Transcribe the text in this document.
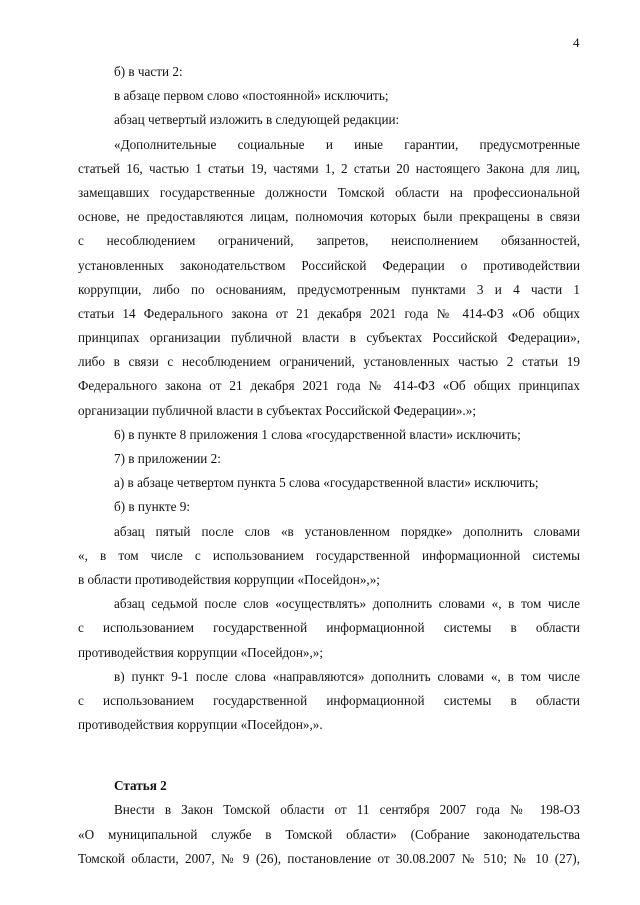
4
б) в части 2:
в абзаце первом слово «постоянной» исключить;
абзац четвертый изложить в следующей редакции:
«Дополнительные социальные и иные гарантии, предусмотренные
статьей 16, частью 1 статьи 19, частями 1, 2 статьи 20 настоящего Закона для лиц,
замещавших государственные должности Томской области на профессиональной
основе, не предоставляются лицам, полномочия которых были прекращены в связи
с несоблюдением ограничений, запретов, неисполнением обязанностей,
установленных законодательством Российской Федерации о противодействии
коррупции, либо по основаниям, предусмотренным пунктами 3 и 4 части 1
статьи 14 Федерального закона от 21 декабря 2021 года № 414-ФЗ «Об общих
принципах организации публичной власти в субъектах Российской Федерации»,
либо в связи с несоблюдением ограничений, установленных частью 2 статьи 19
Федерального закона от 21 декабря 2021 года № 414-ФЗ «Об общих принципах
организации публичной власти в субъектах Российской Федерации».»;
6) в пункте 8 приложения 1 слова «государственной власти» исключить;
7) в приложении 2:
а) в абзаце четвертом пункта 5 слова «государственной власти» исключить;
б) в пункте 9:
абзац пятый после слов «в установленном порядке» дополнить словами
«, в том числе с использованием государственной информационной системы
в области противодействия коррупции «Посейдон»,»;
абзац седьмой после слов «осуществлять» дополнить словами «, в том числе
с использованием государственной информационной системы в области
противодействия коррупции «Посейдон»,»;
в) пункт 9-1 после слова «направляются» дополнить словами «, в том числе
с использованием государственной информационной системы в области
противодействия коррупции «Посейдон»,».
Статья 2
Внести в Закон Томской области от 11 сентября 2007 года № 198-ОЗ
«О муниципальной службе в Томской области» (Собрание законодательства
Томской области, 2007, № 9 (26), постановление от 30.08.2007 № 510; № 10 (27),
